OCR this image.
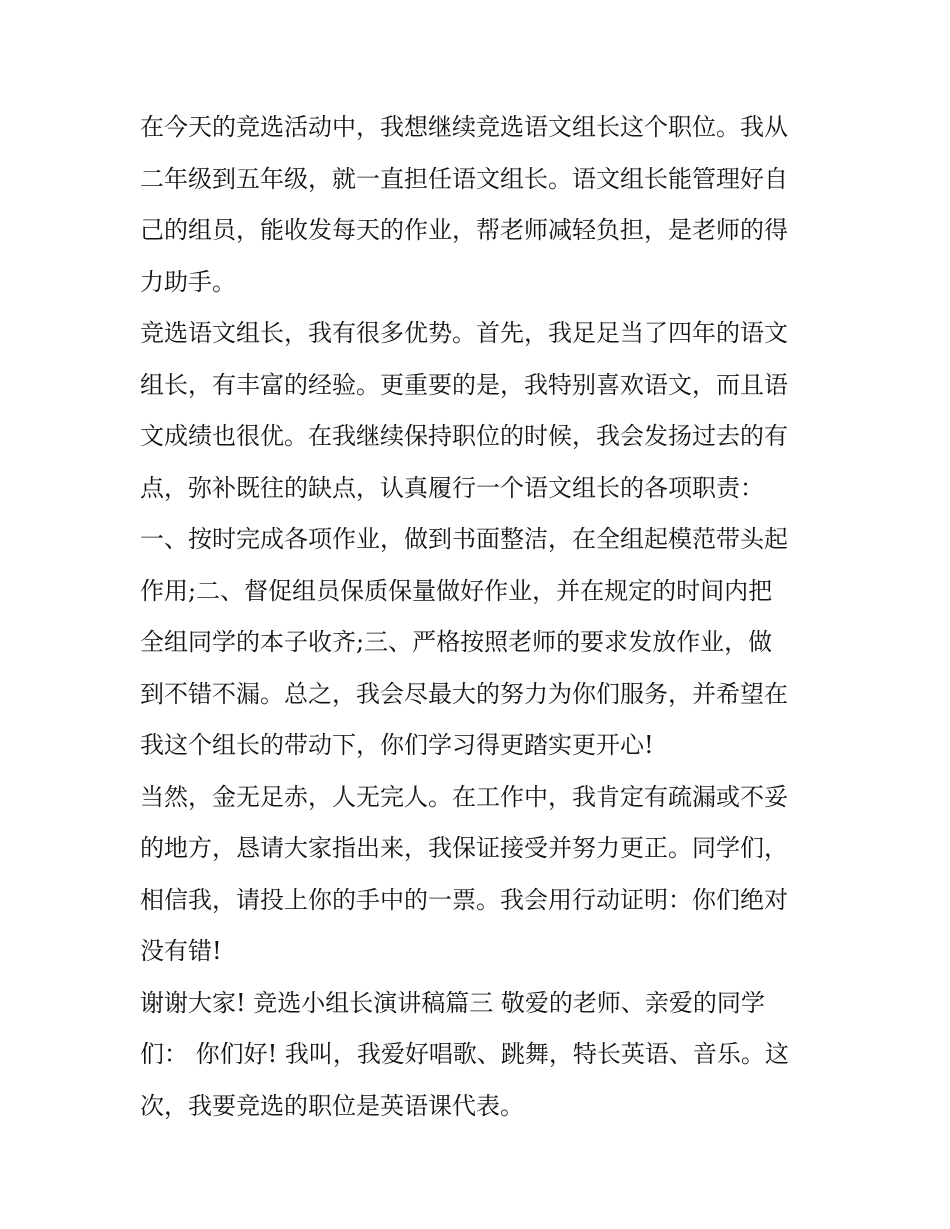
在今天的竞选活动中，我想继续竞选语文组长这个职位。我从
二年级到五年级，就一直担任语文组长。语文组长能管理好自
己的组员，能收发每天的作业，帮老师减轻负担，是老师的得
力助手。

竞选语文组长，我有很多优势。首先，我足足当了四年的语文
组长，有丰富的经验。更重要的是，我特别喜欢语文，而且语
文成绩也很优。在我继续保持职位的时候，我会发扬过去的有
点，弥补既往的缺点，认真履行一个语文组长的各项职责：

一、按时完成各项作业，做到书面整洁，在全组起模范带头起
作用;二、督促组员保质保量做好作业，并在规定的时间内把
全组同学的本子收齐;三、严格按照老师的要求发放作业，做
到不错不漏。总之，我会尽最大的努力为你们服务，并希望在
我这个组长的带动下，你们学习得更踏实更开心!

当然，金无足赤，人无完人。在工作中，我肯定有疏漏或不妥
的地方，恳请大家指出来，我保证接受并努力更正。同学们，
相信我，请投上你的手中的一票。我会用行动证明：你们绝对
没有错!

谢谢大家! 竞选小组长演讲稿篇三 敬爱的老师、亲爱的同学
们： 你们好! 我叫，我爱好唱歌、跳舞，特长英语、音乐。这
次，我要竞选的职位是英语课代表。
